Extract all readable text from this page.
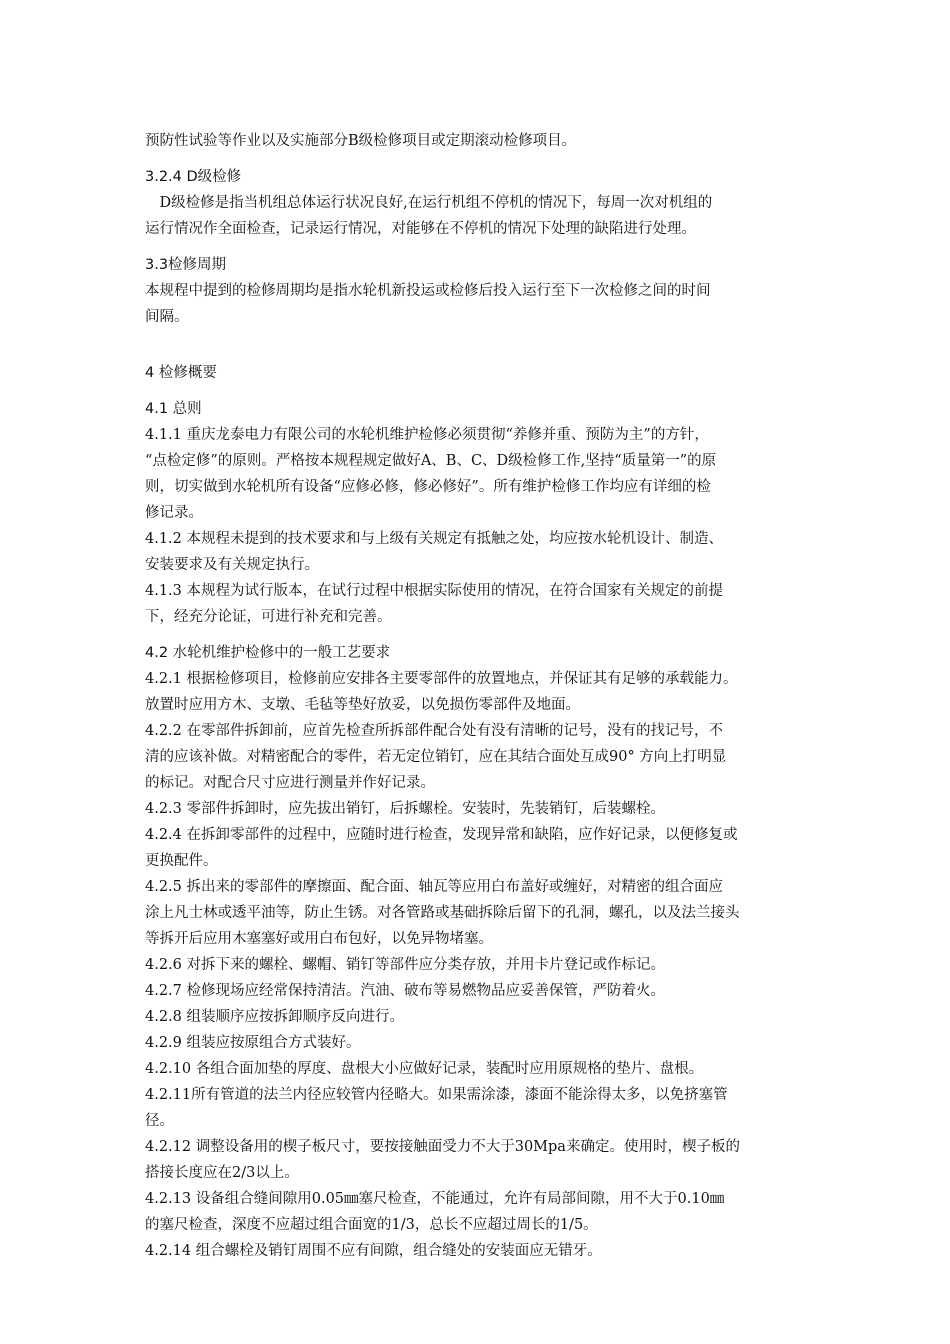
预防性试验等作业以及实施部分B级检修项目或定期滚动检修项目。
3.2.4 D级检修
　D级检修是指当机组总体运行状况良好,在运行机组不停机的情况下，每周一次对机组的
运行情况作全面检查，记录运行情况，对能够在不停机的情况下处理的缺陷进行处理。
3.3检修周期
本规程中提到的检修周期均是指水轮机新投运或检修后投入运行至下一次检修之间的时间
间隔。
4 检修概要
4.1 总则
4.1.1 重庆龙泰电力有限公司的水轮机维护检修必须贯彻“养修并重、预防为主”的方针，
“点检定修”的原则。严格按本规程规定做好A、B、C、D级检修工作,坚持“质量第一”的原
则，切实做到水轮机所有设备“应修必修，修必修好”。所有维护检修工作均应有详细的检
修记录。
4.1.2 本规程未提到的技术要求和与上级有关规定有抵触之处，均应按水轮机设计、制造、
安装要求及有关规定执行。
4.1.3 本规程为试行版本，在试行过程中根据实际使用的情况，在符合国家有关规定的前提
下，经充分论证，可进行补充和完善。
4.2 水轮机维护检修中的一般工艺要求
4.2.1 根据检修项目，检修前应安排各主要零部件的放置地点，并保证其有足够的承载能力。
放置时应用方木、支墩、毛毡等垫好放妥，以免损伤零部件及地面。
4.2.2 在零部件拆卸前，应首先检查所拆部件配合处有没有清晰的记号，没有的找记号，不
清的应该补做。对精密配合的零件，若无定位销钉，应在其结合面处互成90° 方向上打明显
的标记。对配合尺寸应进行测量并作好记录。
4.2.3 零部件拆卸时，应先拔出销钉，后拆螺栓。安装时，先装销钉，后装螺栓。
4.2.4 在拆卸零部件的过程中，应随时进行检查，发现异常和缺陷，应作好记录，以便修复或
更换配件。
4.2.5 拆出来的零部件的摩擦面、配合面、轴瓦等应用白布盖好或缠好，对精密的组合面应
涂上凡士林或透平油等，防止生锈。对各管路或基础拆除后留下的孔洞，螺孔，以及法兰接头
等拆开后应用木塞塞好或用白布包好，以免异物堵塞。
4.2.6 对拆下来的螺栓、螺帽、销钉等部件应分类存放，并用卡片登记或作标记。
4.2.7 检修现场应经常保持清洁。汽油、破布等易燃物品应妥善保管，严防着火。
4.2.8 组装顺序应按拆卸顺序反向进行。
4.2.9 组装应按原组合方式装好。
4.2.10 各组合面加垫的厚度、盘根大小应做好记录，装配时应用原规格的垫片、盘根。
4.2.11所有管道的法兰内径应较管内径略大。如果需涂漆，漆面不能涂得太多，以免挤塞管
径。
4.2.12 调整设备用的楔子板尺寸，要按接触面受力不大于30Mpa来确定。使用时，楔子板的
搭接长度应在2/3以上。
4.2.13 设备组合缝间隙用0.05㎜塞尺检查，不能通过，允许有局部间隙，用不大于0.10㎜
的塞尺检查，深度不应超过组合面宽的1/3，总长不应超过周长的1/5。
4.2.14 组合螺栓及销钉周围不应有间隙，组合缝处的安装面应无错牙。
